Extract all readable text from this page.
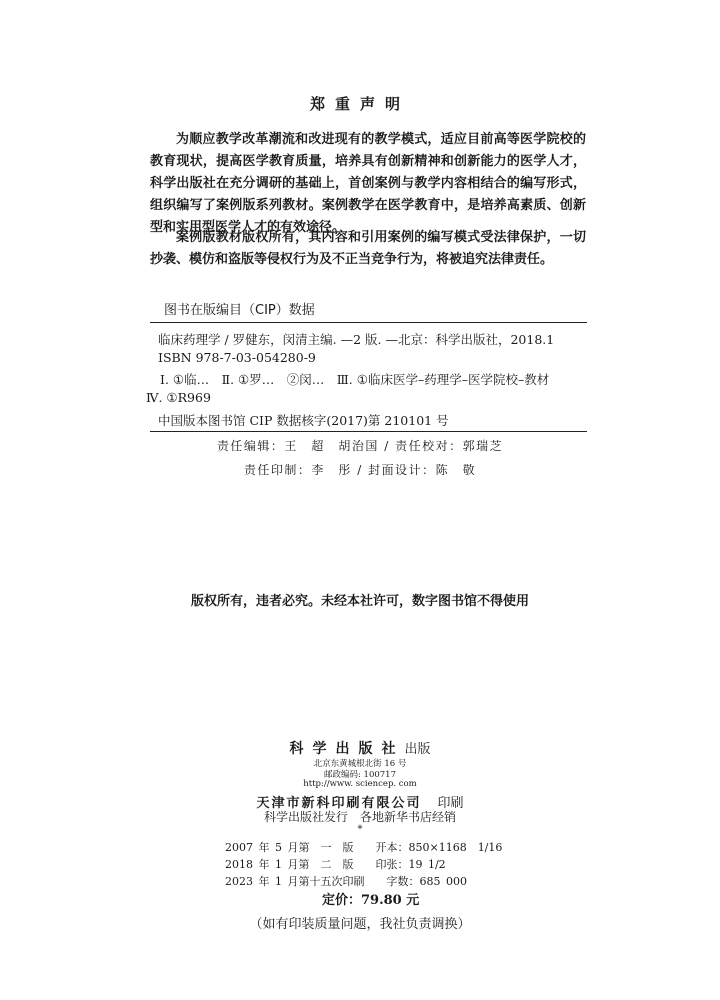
郑重声明
为顺应教学改革潮流和改进现有的教学模式，适应目前高等医学院校的教育现状，提高医学教育质量，培养具有创新精神和创新能力的医学人才，科学出版社在充分调研的基础上，首创案例与教学内容相结合的编写形式，组织编写了案例版系列教材。案例教学在医学教育中，是培养高素质、创新型和实用型医学人才的有效途径。
案例版教材版权所有，其内容和引用案例的编写模式受法律保护，一切抄袭、模仿和盗版等侵权行为及不正当竞争行为，将被追究法律责任。
图书在版编目（CIP）数据
临床药理学 / 罗健东，闵清主编. —2 版. —北京：科学出版社，2018.1
ISBN 978-7-03-054280-9
Ⅰ. ①临…　Ⅱ. ①罗…　②闵…　Ⅲ. ①临床医学–药理学–医学院校–教材
Ⅳ. ①R969
中国版本图书馆 CIP 数据核字(2017)第 210101 号
责任编辑：王　超　胡治国 / 责任校对：郭瑞芝
责任印制：李　彤 / 封面设计：陈　敬
版权所有，违者必究。未经本社许可，数字图书馆不得使用
科学出版社出版
北京东黄城根北街 16 号
邮政编码: 100717
http://www. sciencep. com
天津市新科印刷有限公司　 印刷
科学出版社发行　各地新华书店经销
*
2007 年 5 月第　一　版　　开本：850×1168　1/16
2018 年 1 月第　二　版　　印张：19 1/2
2023 年 1 月第十五次印刷　　字数：685 000
定价：79.80 元
（如有印装质量问题，我社负责调换）
